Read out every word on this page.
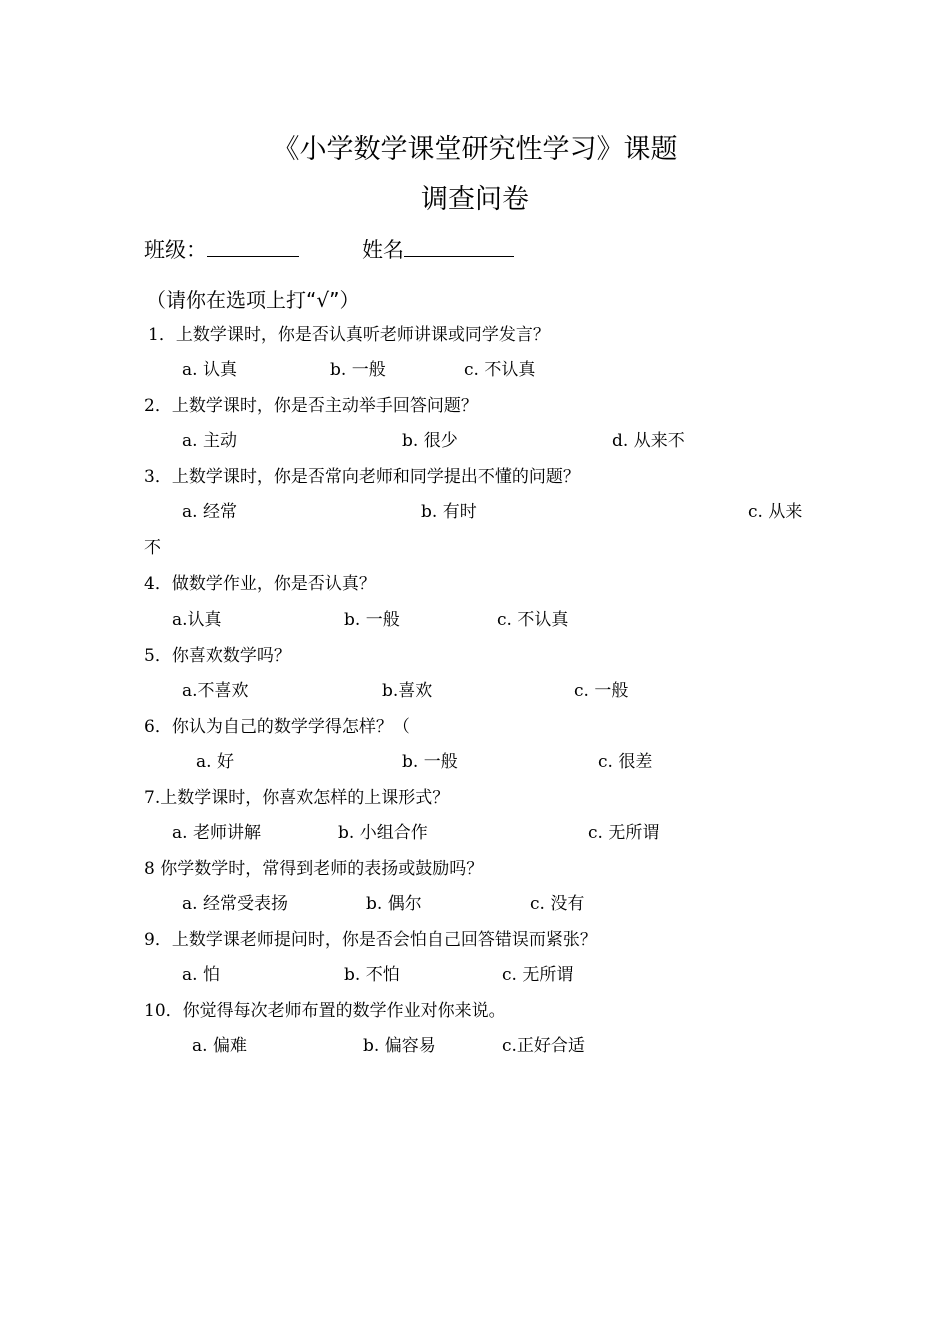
《小学数学课堂研究性学习》课题
调查问卷
班级：	姓名
（请你在选项上打“√”）
1．上数学课时，你是否认真听老师讲课或同学发言？
a. 认真	b. 一般	c. 不认真
2．上数学课时，你是否主动举手回答问题？
a. 主动	b. 很少	d. 从来不
3．上数学课时，你是否常向老师和同学提出不懂的问题？
a. 经常	b. 有时	c. 从来
不
4．做数学作业，你是否认真？
a.认真	b. 一般	c. 不认真
5．你喜欢数学吗？
a.不喜欢	b.喜欢	c. 一般
6．你认为自己的数学学得怎样？（
a. 好	b. 一般	c. 很差
7.上数学课时，你喜欢怎样的上课形式？
a. 老师讲解	b. 小组合作	c. 无所谓
8 你学数学时，常得到老师的表扬或鼓励吗？
a. 经常受表扬	b. 偶尔	c. 没有
9．上数学课老师提问时，你是否会怕自己回答错误而紧张？
a. 怕	b. 不怕	c. 无所谓
10．你觉得每次老师布置的数学作业对你来说。
a. 偏难	b. 偏容易	c.正好合适
